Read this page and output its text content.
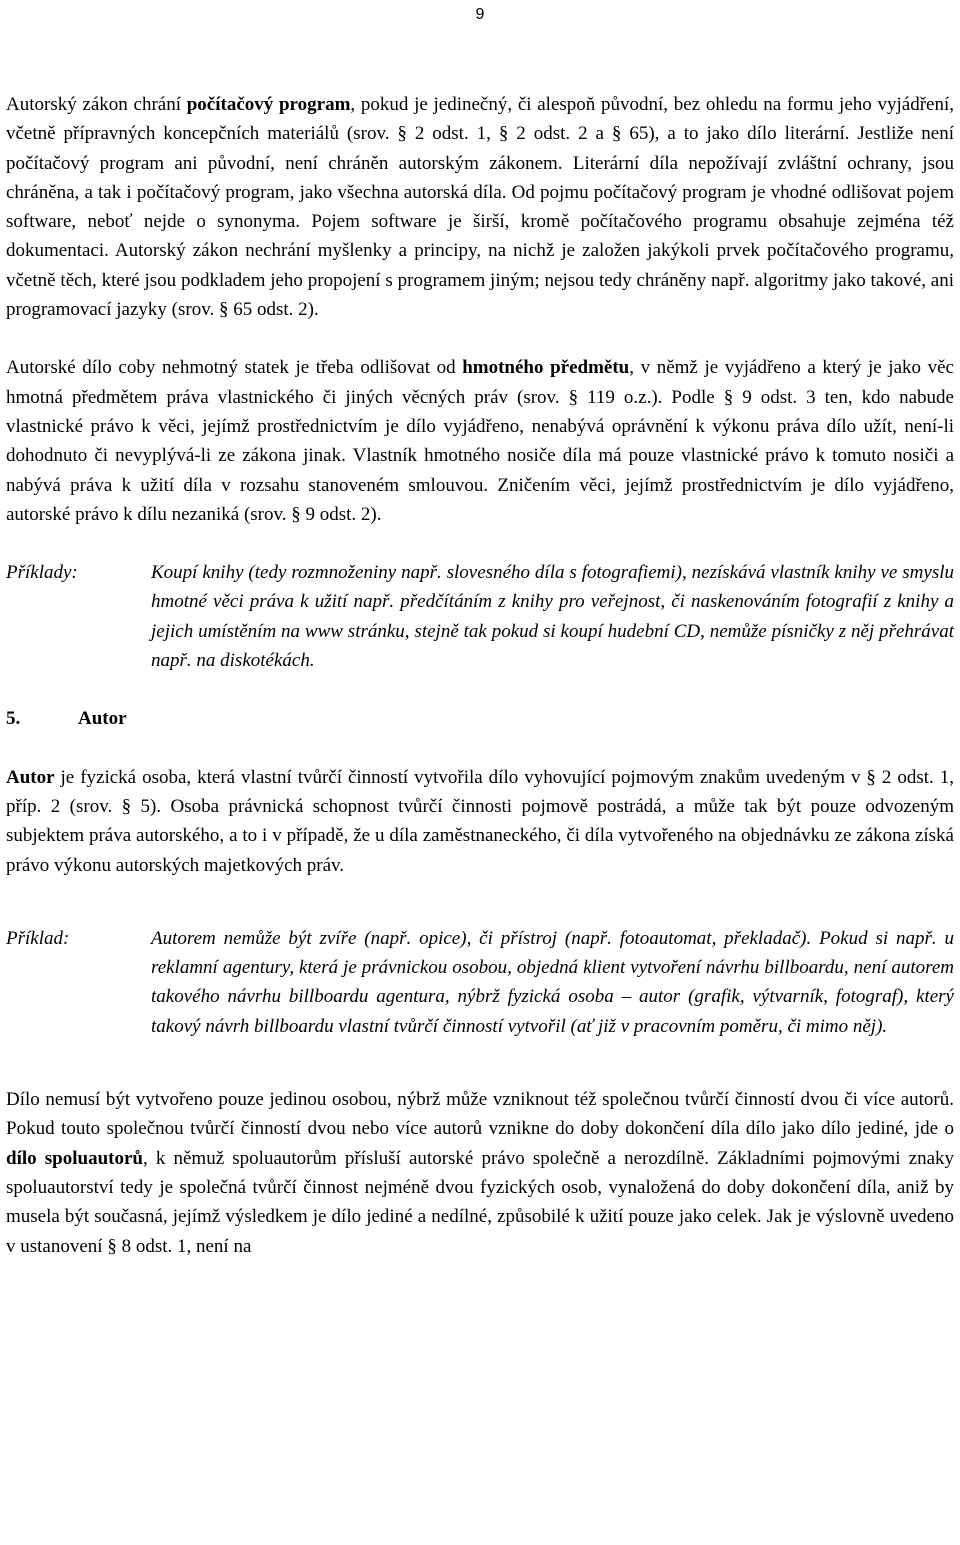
9

Autorský zákon chrání počítačový program, pokud je jedinečný, či alespoň původní, bez ohledu na formu jeho vyjádření, včetně přípravných koncepčních materiálů (srov. § 2 odst. 1, § 2 odst. 2 a § 65), a to jako dílo literární. Jestliže není počítačový program ani původní, není chráněn autorským zákonem. Literární díla nepožívají zvláštní ochrany, jsou chráněna, a tak i počítačový program, jako všechna autorská díla. Od pojmu počítačový program je vhodné odlišovat pojem software, neboť nejde o synonyma. Pojem software je širší, kromě počítačového programu obsahuje zejména též dokumentaci. Autorský zákon nechrání myšlenky a principy, na nichž je založen jakýkoli prvek počítačového programu, včetně těch, které jsou podkladem jeho propojení s programem jiným; nejsou tedy chráněny např. algoritmy jako takové, ani programovací jazyky (srov. § 65 odst. 2).

Autorské dílo coby nehmotný statek je třeba odlišovat od hmotného předmětu, v němž je vyjádřeno a který je jako věc hmotná předmětem práva vlastnického či jiných věcných práv (srov. § 119 o.z.). Podle § 9 odst. 3 ten, kdo nabude vlastnické právo k věci, jejímž prostřednictvím je dílo vyjádřeno, nenabývá oprávnění k výkonu práva dílo užít, není-li dohodnuto či nevyplývá-li ze zákona jinak. Vlastník hmotného nosiče díla má pouze vlastnické právo k tomuto nosiči a nabývá práva k užití díla v rozsahu stanoveném smlouvou. Zničením věci, jejímž prostřednictvím je dílo vyjádřeno, autorské právo k dílu nezaniká (srov. § 9 odst. 2).

Příklady:	Koupí knihy (tedy rozmnoženiny např. slovesného díla s fotografiemi), nezískává vlastník knihy ve smyslu hmotné věci práva k užití např. předčítáním z knihy pro veřejnost, či naskenováním fotografií z knihy a jejich umístěním na www stránku, stejně tak pokud si koupí hudební CD, nemůže písničky z něj přehrávat např. na diskotékách.

5.	Autor

Autor je fyzická osoba, která vlastní tvůrčí činností vytvořila dílo vyhovující pojmovým znakům uvedeným v § 2 odst. 1, příp. 2 (srov. § 5). Osoba právnická schopnost tvůrčí činnosti pojmově postrádá, a může tak být pouze odvozeným subjektem práva autorského, a to i v případě, že u díla zaměstnaneckého, či díla vytvořeného na objednávku ze zákona získá právo výkonu autorských majetkových práv.

Příklad:	Autorem nemůže být zvíře (např. opice), či přístroj (např. fotoautomat, překladač). Pokud si např. u reklamní agentury, která je právnickou osobou, objedná klient vytvoření návrhu billboardu, není autorem takového návrhu billboardu agentura, nýbrž fyzická osoba – autor (grafik, výtvarník, fotograf), který takový návrh billboardu vlastní tvůrčí činností vytvořil (ať již v pracovním poměru, či mimo něj).

Dílo nemusí být vytvořeno pouze jedinou osobou, nýbrž může vzniknout též společnou tvůrčí činností dvou či více autorů. Pokud touto společnou tvůrčí činností dvou nebo více autorů vznikne do doby dokončení díla dílo jako dílo jediné, jde o dílo spoluautorů, k němuž spoluautorům přísluší autorské právo společně a nerozdílně. Základními pojmovými znaky spoluautorství tedy je společná tvůrčí činnost nejméně dvou fyzických osob, vynaložená do doby dokončení díla, aniž by musela být současná, jejímž výsledkem je dílo jediné a nedílné, způsobilé k užití pouze jako celek. Jak je výslovně uvedeno v ustanovení § 8 odst. 1, není na
